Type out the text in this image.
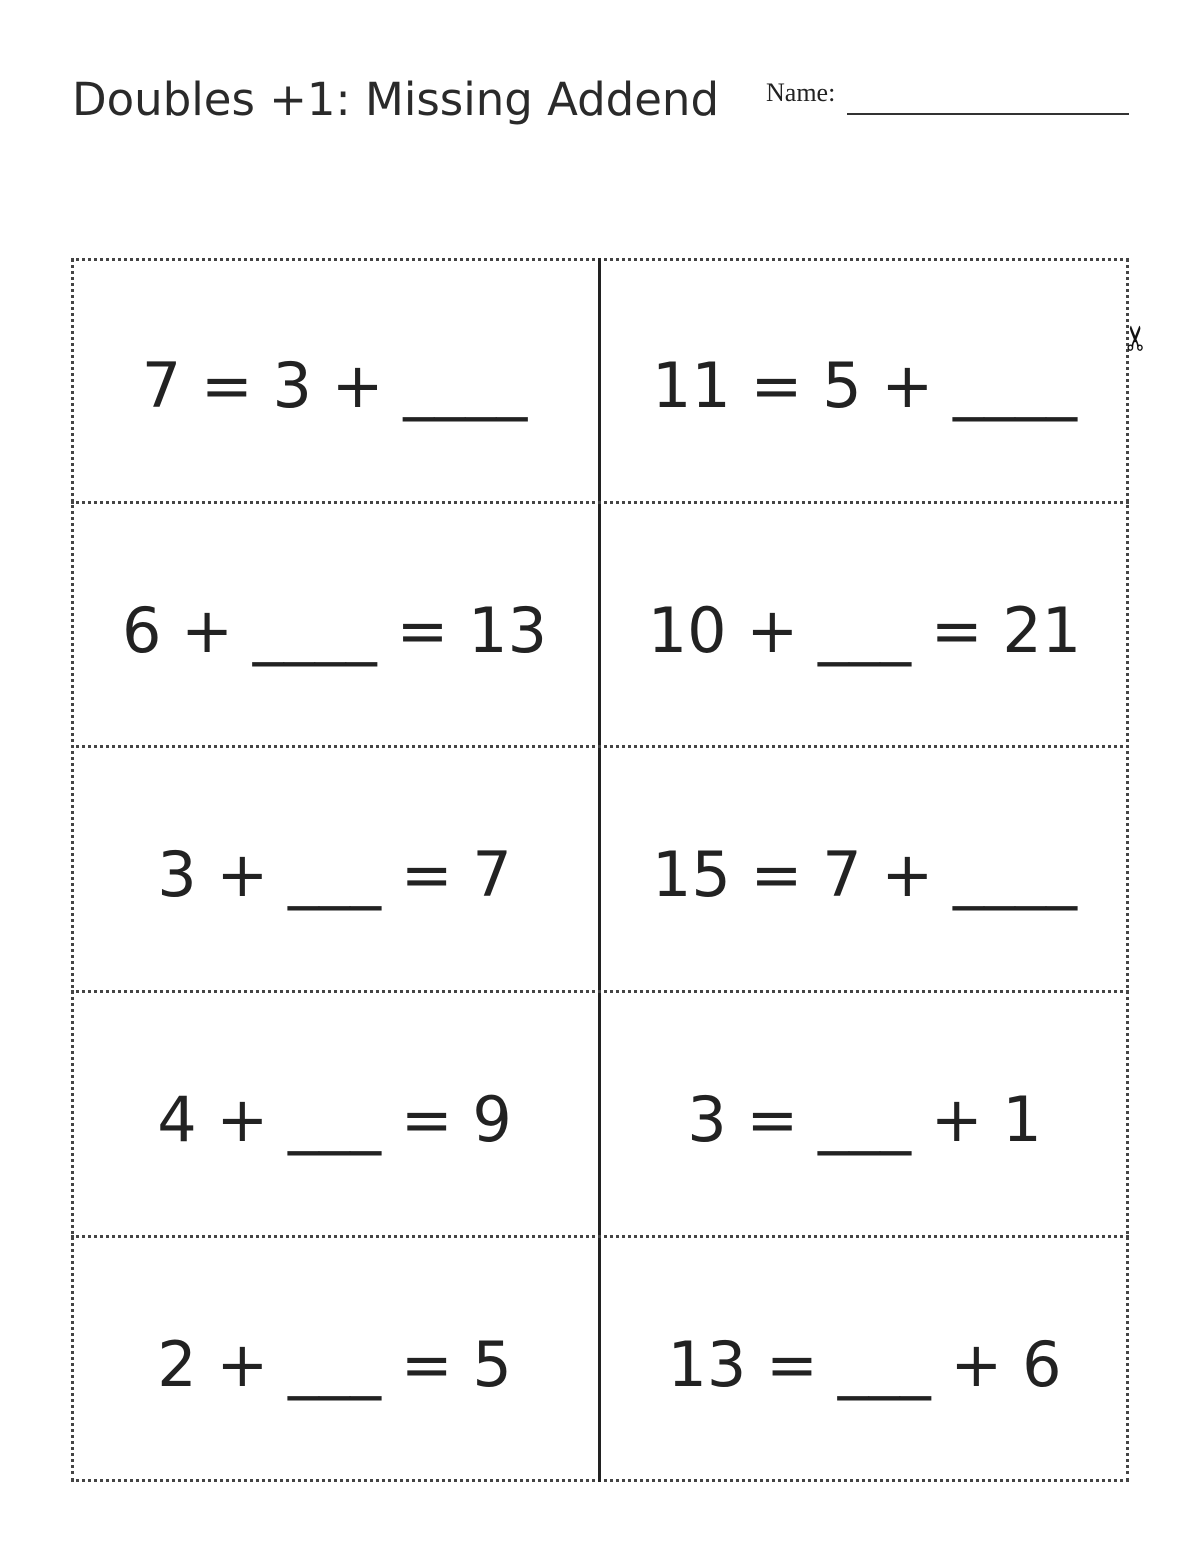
Doubles +1: Missing Addend Name:
✂
7 = 3 + ____	11 = 5 + ____
6 + ____ = 13	10 + ___ = 21
3 + ___ = 7	15 = 7 + ____
4 + ___ = 9	3 = ___ + 1
2 + ___ = 5	13 = ___ + 6
